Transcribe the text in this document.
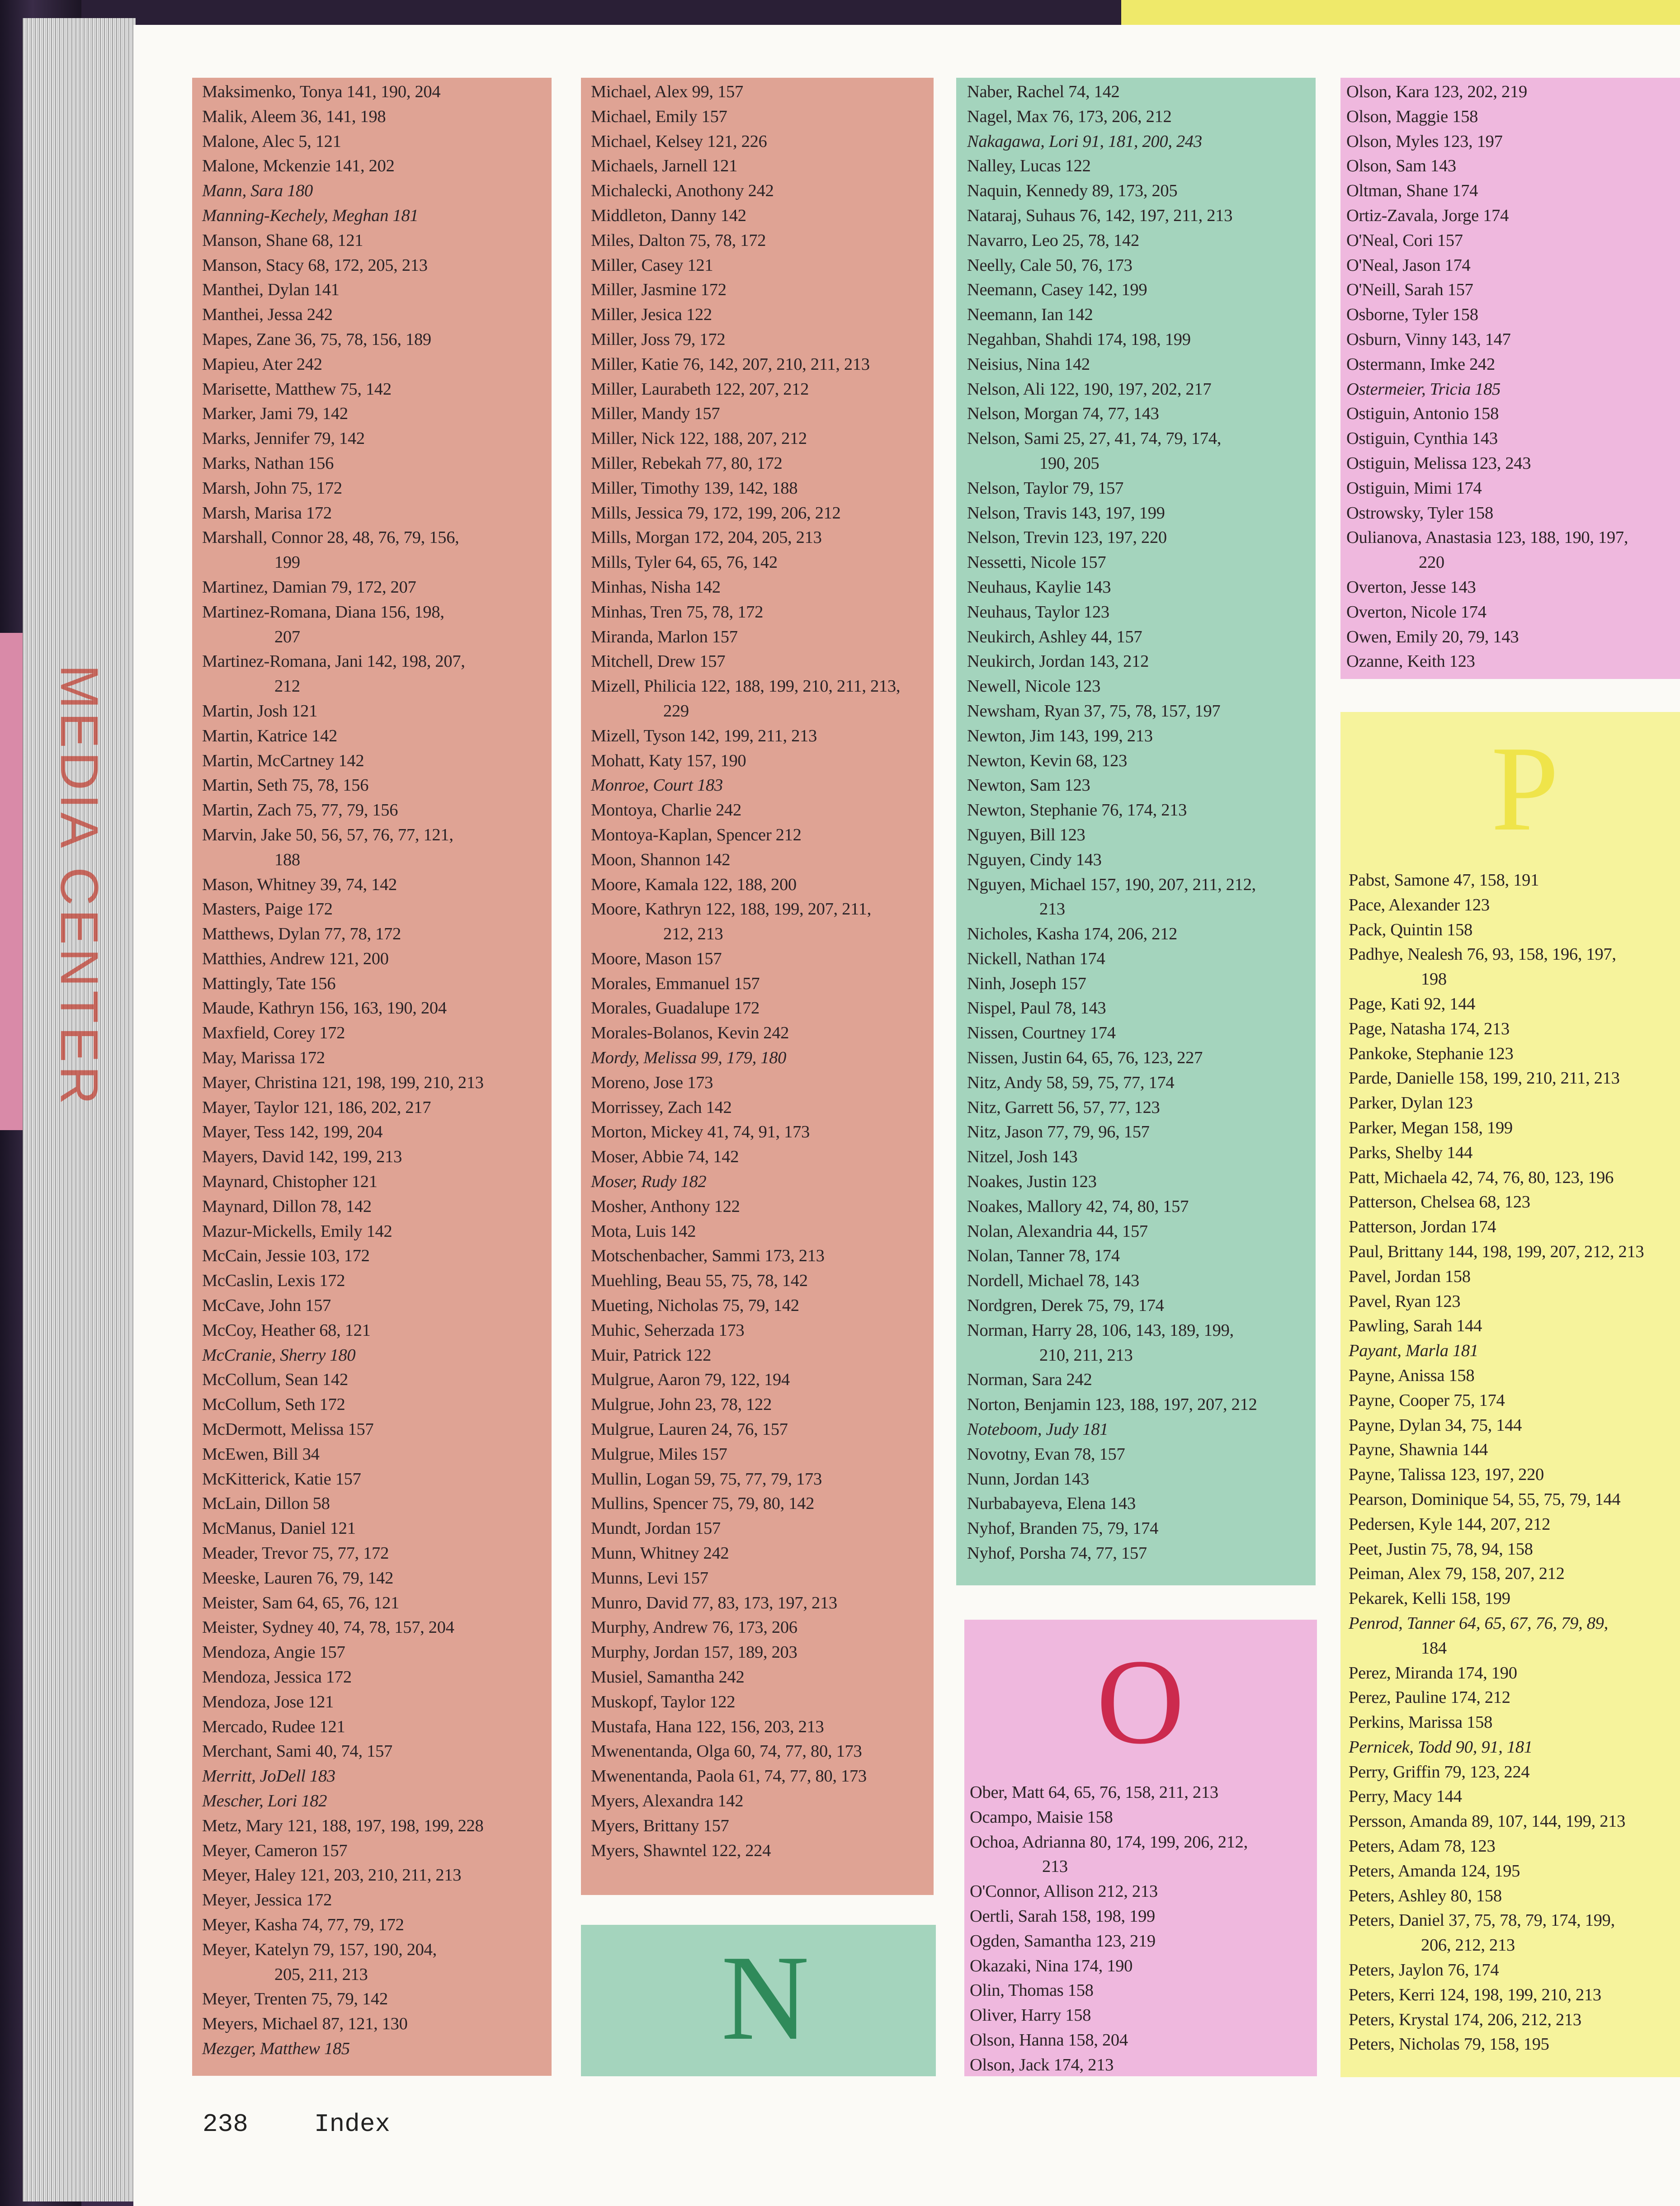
MEDIA CENTER
Maksimenko, Tonya 141, 190, 204
Malik, Aleem 36, 141, 198
Malone, Alec 5, 121
Malone, Mckenzie 141, 202
Mann, Sara 180
Manning-Kechely, Meghan 181
Manson, Shane 68, 121
Manson, Stacy 68, 172, 205, 213
Manthei, Dylan 141
Manthei, Jessa 242
Mapes, Zane 36, 75, 78, 156, 189
Mapieu, Ater 242
Marisette, Matthew 75, 142
Marker, Jami 79, 142
Marks, Jennifer 79, 142
Marks, Nathan 156
Marsh, John 75, 172
Marsh, Marisa 172
Marshall, Connor 28, 48, 76, 79, 156,
199
Martinez, Damian 79, 172, 207
Martinez-Romana, Diana 156, 198,
207
Martinez-Romana, Jani 142, 198, 207,
212
Martin, Josh 121
Martin, Katrice 142
Martin, McCartney 142
Martin, Seth 75, 78, 156
Martin, Zach 75, 77, 79, 156
Marvin, Jake 50, 56, 57, 76, 77, 121,
188
Mason, Whitney 39, 74, 142
Masters, Paige 172
Matthews, Dylan 77, 78, 172
Matthies, Andrew 121, 200
Mattingly, Tate 156
Maude, Kathryn 156, 163, 190, 204
Maxfield, Corey 172
May, Marissa 172
Mayer, Christina 121, 198, 199, 210, 213
Mayer, Taylor 121, 186, 202, 217
Mayer, Tess 142, 199, 204
Mayers, David 142, 199, 213
Maynard, Chistopher 121
Maynard, Dillon 78, 142
Mazur-Mickells, Emily 142
McCain, Jessie 103, 172
McCaslin, Lexis 172
McCave, John 157
McCoy, Heather 68, 121
McCranie, Sherry 180
McCollum, Sean 142
McCollum, Seth 172
McDermott, Melissa 157
McEwen, Bill 34
McKitterick, Katie 157
McLain, Dillon 58
McManus, Daniel 121
Meader, Trevor 75, 77, 172
Meeske, Lauren 76, 79, 142
Meister, Sam 64, 65, 76, 121
Meister, Sydney 40, 74, 78, 157, 204
Mendoza, Angie 157
Mendoza, Jessica 172
Mendoza, Jose 121
Mercado, Rudee 121
Merchant, Sami 40, 74, 157
Merritt, JoDell 183
Mescher, Lori 182
Metz, Mary 121, 188, 197, 198, 199, 228
Meyer, Cameron 157
Meyer, Haley 121, 203, 210, 211, 213
Meyer, Jessica 172
Meyer, Kasha 74, 77, 79, 172
Meyer, Katelyn 79, 157, 190, 204,
205, 211, 213
Meyer, Trenten 75, 79, 142
Meyers, Michael 87, 121, 130
Mezger, Matthew 185
Michael, Alex 99, 157
Michael, Emily 157
Michael, Kelsey 121, 226
Michaels, Jarnell 121
Michalecki, Anothony 242
Middleton, Danny 142
Miles, Dalton 75, 78, 172
Miller, Casey 121
Miller, Jasmine 172
Miller, Jesica 122
Miller, Joss 79, 172
Miller, Katie 76, 142, 207, 210, 211, 213
Miller, Laurabeth 122, 207, 212
Miller, Mandy 157
Miller, Nick 122, 188, 207, 212
Miller, Rebekah 77, 80, 172
Miller, Timothy 139, 142, 188
Mills, Jessica 79, 172, 199, 206, 212
Mills, Morgan 172, 204, 205, 213
Mills, Tyler 64, 65, 76, 142
Minhas, Nisha 142
Minhas, Tren 75, 78, 172
Miranda, Marlon 157
Mitchell, Drew 157
Mizell, Philicia 122, 188, 199, 210, 211, 213,
229
Mizell, Tyson 142, 199, 211, 213
Mohatt, Katy 157, 190
Monroe, Court 183
Montoya, Charlie 242
Montoya-Kaplan, Spencer 212
Moon, Shannon 142
Moore, Kamala 122, 188, 200
Moore, Kathryn 122, 188, 199, 207, 211,
212, 213
Moore, Mason 157
Morales, Emmanuel 157
Morales, Guadalupe 172
Morales-Bolanos, Kevin 242
Mordy, Melissa 99, 179, 180
Moreno, Jose 173
Morrissey, Zach 142
Morton, Mickey 41, 74, 91, 173
Moser, Abbie 74, 142
Moser, Rudy 182
Mosher, Anthony 122
Mota, Luis 142
Motschenbacher, Sammi 173, 213
Muehling, Beau 55, 75, 78, 142
Mueting, Nicholas 75, 79, 142
Muhic, Seherzada 173
Muir, Patrick 122
Mulgrue, Aaron 79, 122, 194
Mulgrue, John 23, 78, 122
Mulgrue, Lauren 24, 76, 157
Mulgrue, Miles 157
Mullin, Logan 59, 75, 77, 79, 173
Mullins, Spencer 75, 79, 80, 142
Mundt, Jordan 157
Munn, Whitney 242
Munns, Levi 157
Munro, David 77, 83, 173, 197, 213
Murphy, Andrew 76, 173, 206
Murphy, Jordan 157, 189, 203
Musiel, Samantha 242
Muskopf, Taylor 122
Mustafa, Hana 122, 156, 203, 213
Mwenentanda, Olga 60, 74, 77, 80, 173
Mwenentanda, Paola 61, 74, 77, 80, 173
Myers, Alexandra 142
Myers, Brittany 157
Myers, Shawntel 122, 224
Naber, Rachel 74, 142
Nagel, Max 76, 173, 206, 212
Nakagawa, Lori 91, 181, 200, 243
Nalley, Lucas 122
Naquin, Kennedy 89, 173, 205
Nataraj, Suhaus 76, 142, 197, 211, 213
Navarro, Leo 25, 78, 142
Neelly, Cale 50, 76, 173
Neemann, Casey 142, 199
Neemann, Ian 142
Negahban, Shahdi 174, 198, 199
Neisius, Nina 142
Nelson, Ali 122, 190, 197, 202, 217
Nelson, Morgan 74, 77, 143
Nelson, Sami 25, 27, 41, 74, 79, 174,
190, 205
Nelson, Taylor 79, 157
Nelson, Travis 143, 197, 199
Nelson, Trevin 123, 197, 220
Nessetti, Nicole 157
Neuhaus, Kaylie 143
Neuhaus, Taylor 123
Neukirch, Ashley 44, 157
Neukirch, Jordan 143, 212
Newell, Nicole 123
Newsham, Ryan 37, 75, 78, 157, 197
Newton, Jim 143, 199, 213
Newton, Kevin 68, 123
Newton, Sam 123
Newton, Stephanie 76, 174, 213
Nguyen, Bill 123
Nguyen, Cindy 143
Nguyen, Michael 157, 190, 207, 211, 212,
213
Nicholes, Kasha 174, 206, 212
Nickell, Nathan 174
Ninh, Joseph 157
Nispel, Paul 78, 143
Nissen, Courtney 174
Nissen, Justin 64, 65, 76, 123, 227
Nitz, Andy 58, 59, 75, 77, 174
Nitz, Garrett 56, 57, 77, 123
Nitz, Jason 77, 79, 96, 157
Nitzel, Josh 143
Noakes, Justin 123
Noakes, Mallory 42, 74, 80, 157
Nolan, Alexandria 44, 157
Nolan, Tanner 78, 174
Nordell, Michael 78, 143
Nordgren, Derek 75, 79, 174
Norman, Harry 28, 106, 143, 189, 199,
210, 211, 213
Norman, Sara 242
Norton, Benjamin 123, 188, 197, 207, 212
Noteboom, Judy 181
Novotny, Evan 78, 157
Nunn, Jordan 143
Nurbabayeva, Elena 143
Nyhof, Branden 75, 79, 174
Nyhof, Porsha 74, 77, 157
Olson, Kara 123, 202, 219
Olson, Maggie 158
Olson, Myles 123, 197
Olson, Sam 143
Oltman, Shane 174
Ortiz-Zavala, Jorge 174
O'Neal, Cori 157
O'Neal, Jason 174
O'Neill, Sarah 157
Osborne, Tyler 158
Osburn, Vinny 143, 147
Ostermann, Imke 242
Ostermeier, Tricia 185
Ostiguin, Antonio 158
Ostiguin, Cynthia 143
Ostiguin, Melissa 123, 243
Ostiguin, Mimi 174
Ostrowsky, Tyler 158
Oulianova, Anastasia 123, 188, 190, 197,
220
Overton, Jesse 143
Overton, Nicole 174
Owen, Emily 20, 79, 143
Ozanne, Keith 123
N
Ober, Matt 64, 65, 76, 158, 211, 213
Ocampo, Maisie 158
Ochoa, Adrianna 80, 174, 199, 206, 212,
213
O'Connor, Allison 212, 213
Oertli, Sarah 158, 198, 199
Ogden, Samantha 123, 219
Okazaki, Nina 174, 190
Olin, Thomas 158
Oliver, Harry 158
Olson, Hanna 158, 204
Olson, Jack 174, 213
O
Pabst, Samone 47, 158, 191
Pace, Alexander 123
Pack, Quintin 158
Padhye, Nealesh 76, 93, 158, 196, 197,
198
Page, Kati 92, 144
Page, Natasha 174, 213
Pankoke, Stephanie 123
Parde, Danielle 158, 199, 210, 211, 213
Parker, Dylan 123
Parker, Megan 158, 199
Parks, Shelby 144
Patt, Michaela 42, 74, 76, 80, 123, 196
Patterson, Chelsea 68, 123
Patterson, Jordan 174
Paul, Brittany 144, 198, 199, 207, 212, 213
Pavel, Jordan 158
Pavel, Ryan 123
Pawling, Sarah 144
Payant, Marla 181
Payne, Anissa 158
Payne, Cooper 75, 174
Payne, Dylan 34, 75, 144
Payne, Shawnia 144
Payne, Talissa 123, 197, 220
Pearson, Dominique 54, 55, 75, 79, 144
Pedersen, Kyle 144, 207, 212
Peet, Justin 75, 78, 94, 158
Peiman, Alex 79, 158, 207, 212
Pekarek, Kelli 158, 199
Penrod, Tanner 64, 65, 67, 76, 79, 89,
184
Perez, Miranda 174, 190
Perez, Pauline 174, 212
Perkins, Marissa 158
Pernicek, Todd 90, 91, 181
Perry, Griffin 79, 123, 224
Perry, Macy 144
Persson, Amanda 89, 107, 144, 199, 213
Peters, Adam 78, 123
Peters, Amanda 124, 195
Peters, Ashley 80, 158
Peters, Daniel 37, 75, 78, 79, 174, 199,
206, 212, 213
Peters, Jaylon 76, 174
Peters, Kerri 124, 198, 199, 210, 213
Peters, Krystal 174, 206, 212, 213
Peters, Nicholas 79, 158, 195
P
238	Index
